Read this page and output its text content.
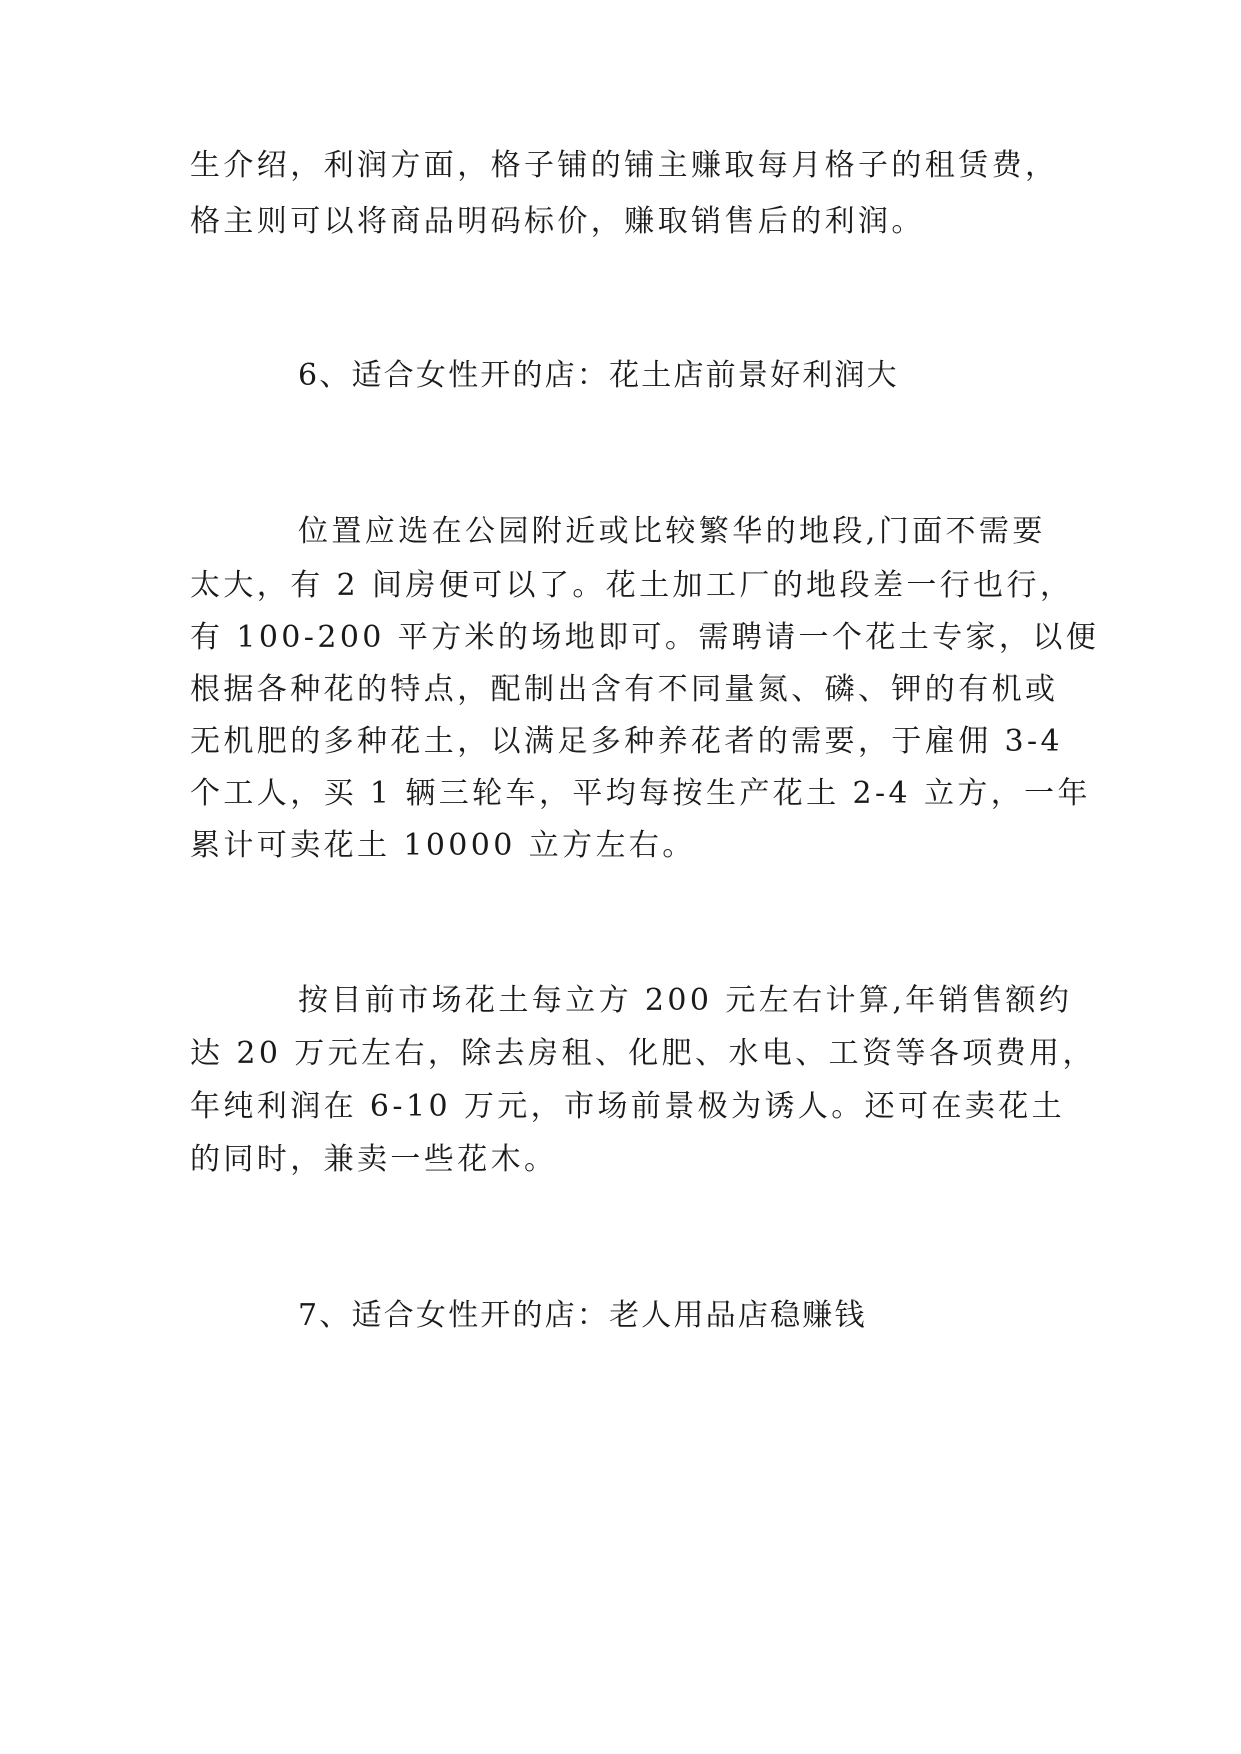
生介绍，利润方面，格子铺的铺主赚取每月格子的租赁费，
格主则可以将商品明码标价，赚取销售后的利润。
6、适合女性开的店：花土店前景好利润大
位置应选在公园附近或比较繁华的地段,门面不需要
太大，有 2 间房便可以了。花土加工厂的地段差一行也行，
有 100-200 平方米的场地即可。需聘请一个花土专家，以便
根据各种花的特点，配制出含有不同量氮、磷、钾的有机或
无机肥的多种花土，以满足多种养花者的需要，于雇佣 3-4
个工人，买 1 辆三轮车，平均每按生产花土 2-4 立方，一年
累计可卖花土 10000 立方左右。
按目前市场花土每立方 200 元左右计算,年销售额约
达 20 万元左右，除去房租、化肥、水电、工资等各项费用，
年纯利润在 6-10 万元，市场前景极为诱人。还可在卖花土
的同时，兼卖一些花木。
7、适合女性开的店：老人用品店稳赚钱
